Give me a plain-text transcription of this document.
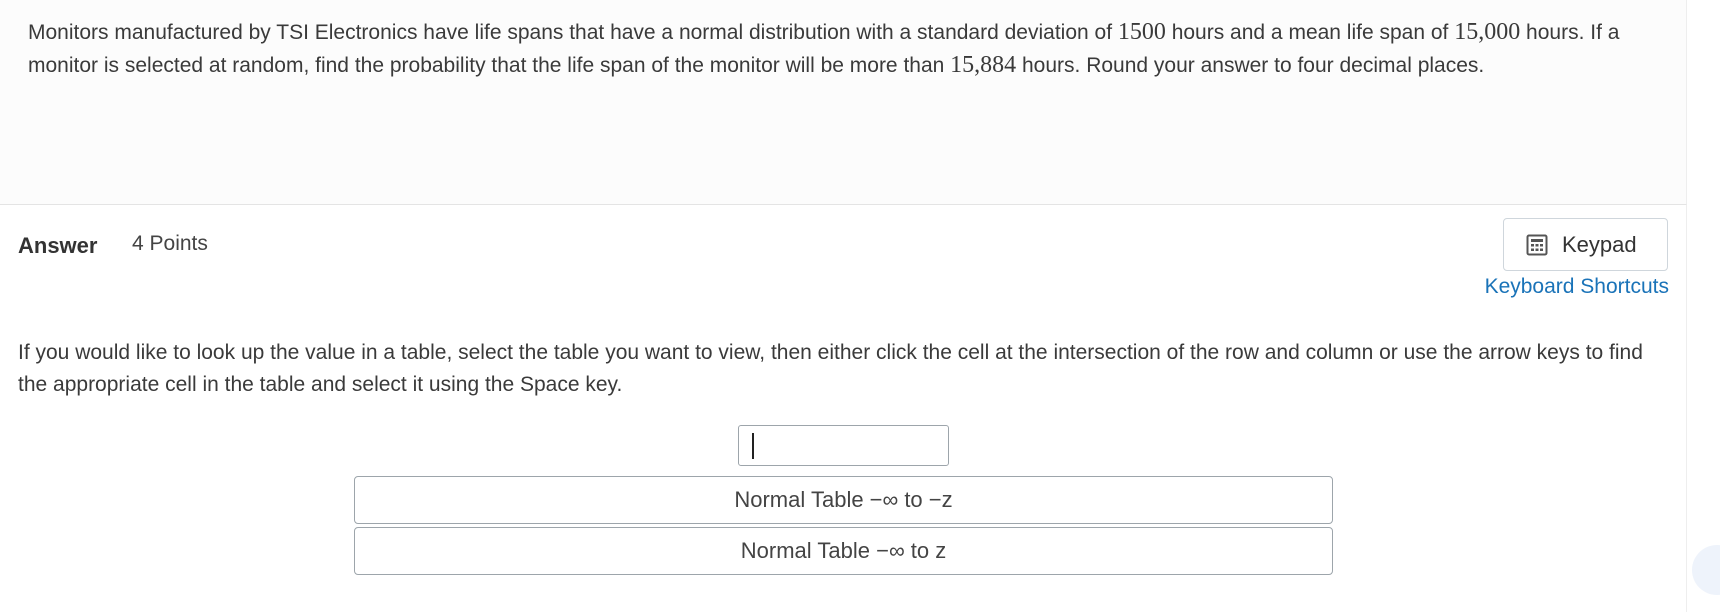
Monitors manufactured by TSI Electronics have life spans that have a normal distribution with a standard deviation of 1500 hours and a mean life span of 15,000 hours. If a monitor is selected at random, find the probability that the life span of the monitor will be more than 15,884 hours. Round your answer to four decimal places.
Answer 4 Points	Keypad
Keyboard Shortcuts
If you would like to look up the value in a table, select the table you want to view, then either click the cell at the intersection of the row and column or use the arrow keys to find the appropriate cell in the table and select it using the Space key.
Normal Table −∞ to −z
Normal Table −∞ to z
